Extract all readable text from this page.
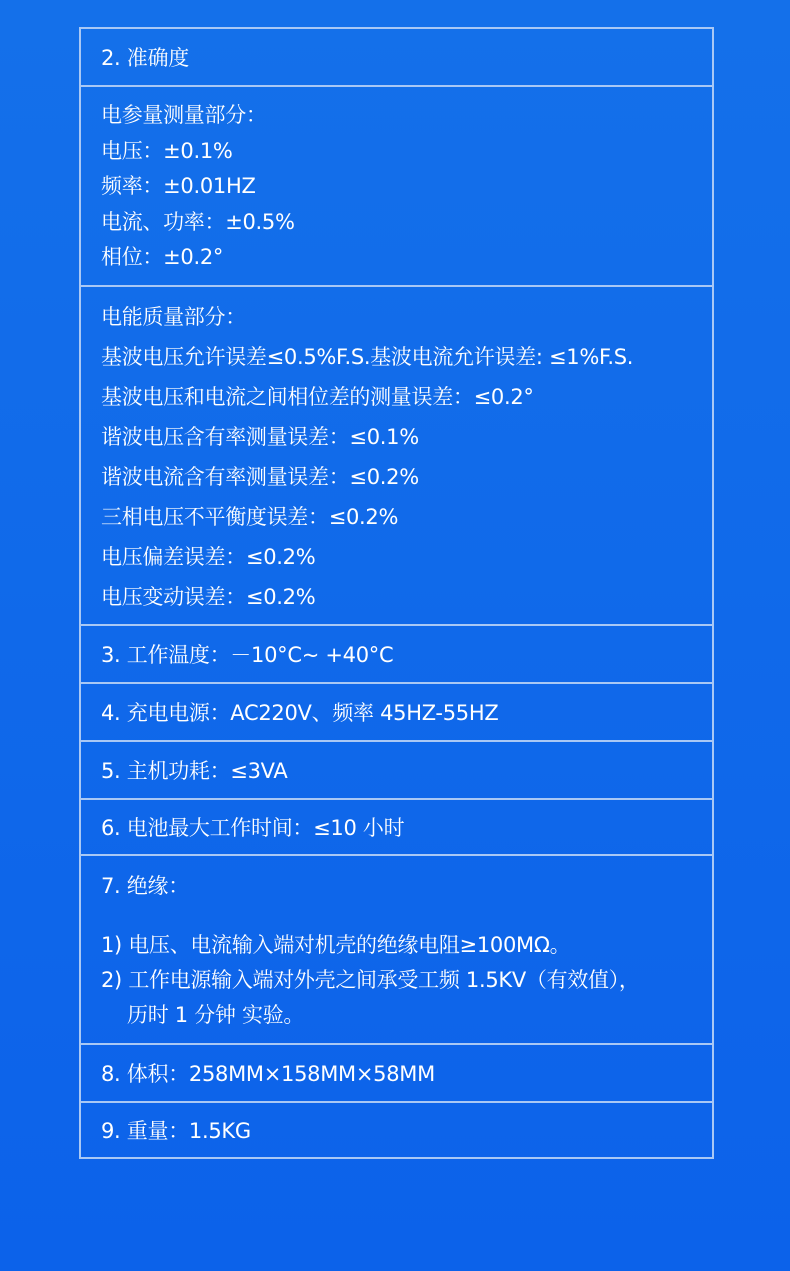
2. 准确度
电参量测量部分：
电压：±0.1%
频率：±0.01HZ
电流、功率：±0.5%
相位：±0.2°
电能质量部分：
基波电压允许误差≤0.5%F.S.基波电流允许误差: ≤1%F.S.
基波电压和电流之间相位差的测量误差：≤0.2°
谐波电压含有率测量误差：≤0.1%
谐波电流含有率测量误差：≤0.2%
三相电压不平衡度误差：≤0.2%
电压偏差误差：≤0.2%
电压变动误差：≤0.2%
3. 工作温度：－10°C~ +40°C
4. 充电电源：AC220V、频率 45HZ-55HZ
5. 主机功耗：≤3VA
6. 电池最大工作时间：≤10 小时
7. 绝缘：
1) 电压、电流输入端对机壳的绝缘电阻≥100MΩ。
2) 工作电源输入端对外壳之间承受工频 1.5KV（有效值），
历时 1 分钟 实验。
8. 体积：258MM×158MM×58MM
9. 重量：1.5KG
